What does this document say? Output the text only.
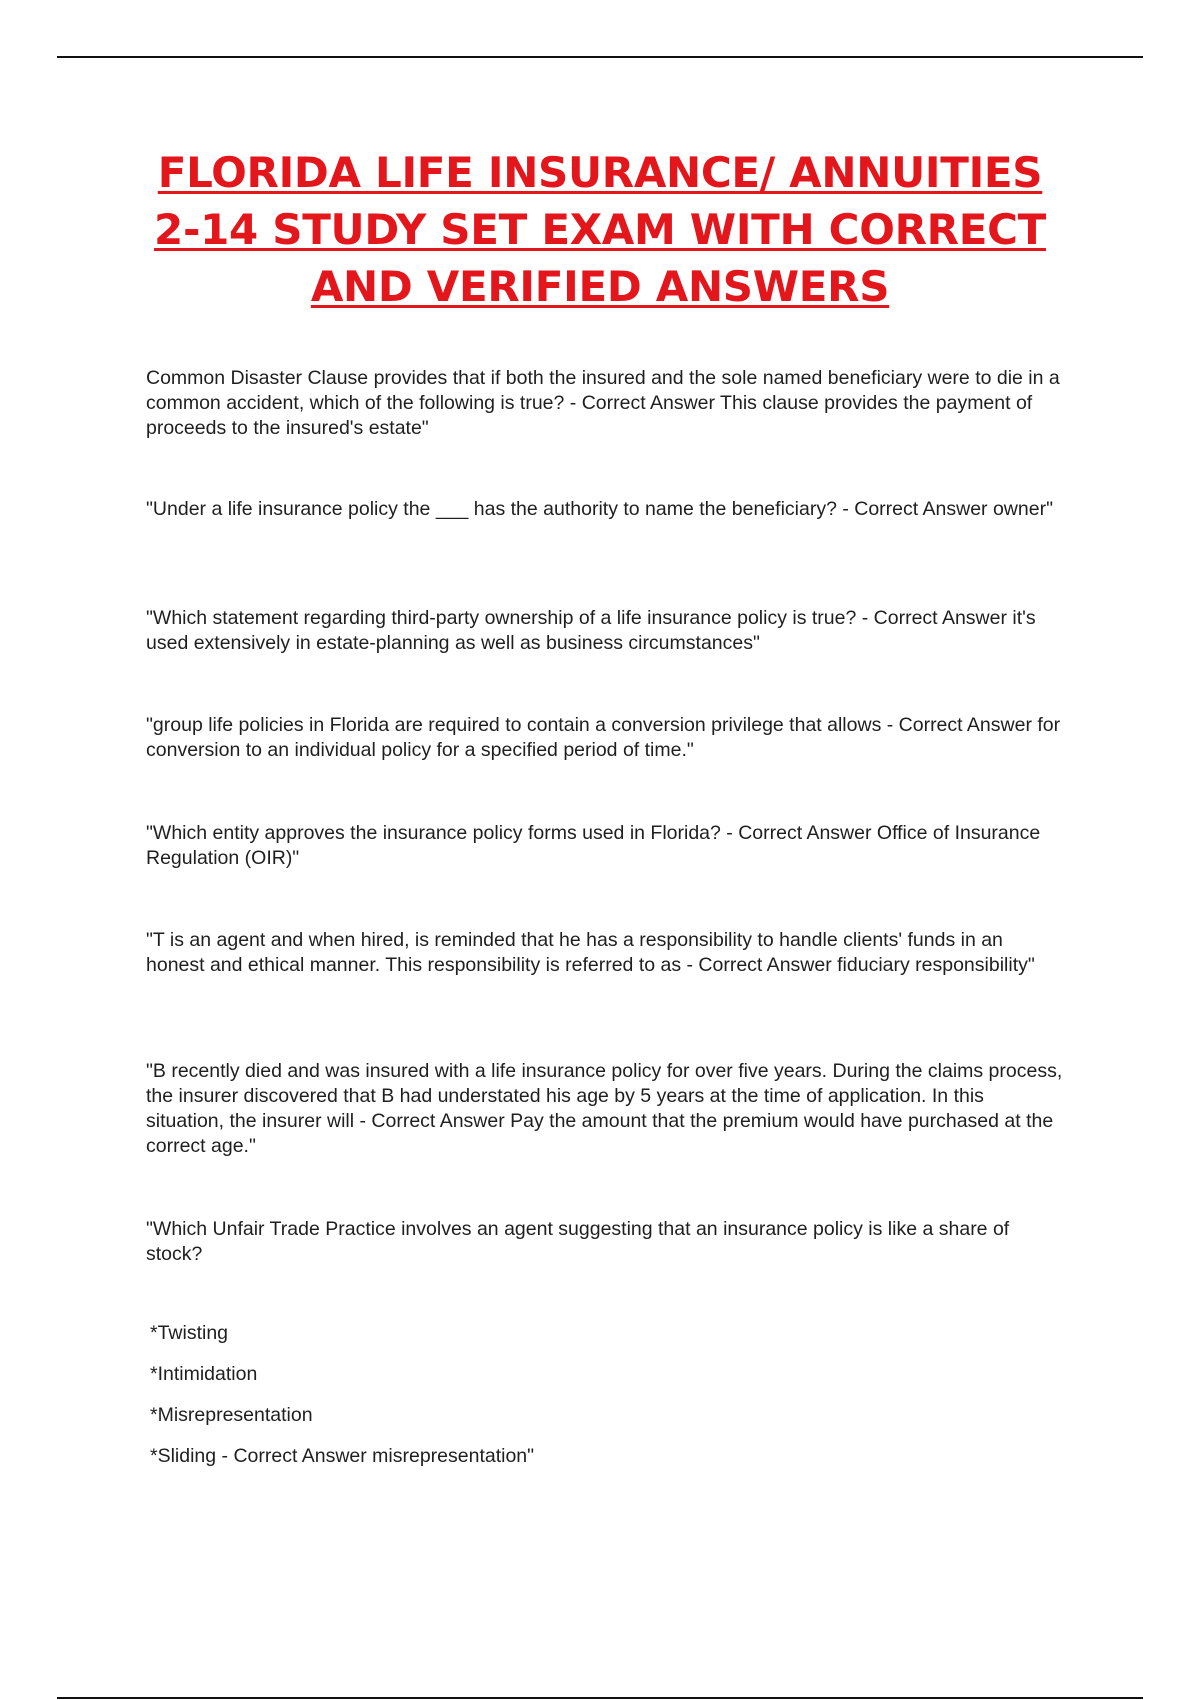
FLORIDA LIFE INSURANCE/ ANNUITIES 2-14 STUDY SET EXAM WITH CORRECT AND VERIFIED ANSWERS

Common Disaster Clause provides that if both the insured and the sole named beneficiary were to die in a common accident, which of the following is true? - Correct Answer This clause provides the payment of proceeds to the insured's estate"

"Under a life insurance policy the ___ has the authority to name the beneficiary? - Correct Answer owner"

"Which statement regarding third-party ownership of a life insurance policy is true? - Correct Answer it's used extensively in estate-planning as well as business circumstances"

"group life policies in Florida are required to contain a conversion privilege that allows - Correct Answer for conversion to an individual policy for a specified period of time."

"Which entity approves the insurance policy forms used in Florida? - Correct Answer Office of Insurance Regulation (OIR)"

"T is an agent and when hired, is reminded that he has a responsibility to handle clients' funds in an honest and ethical manner. This responsibility is referred to as - Correct Answer fiduciary responsibility"

"B recently died and was insured with a life insurance policy for over five years. During the claims process, the insurer discovered that B had understated his age by 5 years at the time of application. In this situation, the insurer will - Correct Answer Pay the amount that the premium would have purchased at the correct age."

"Which Unfair Trade Practice involves an agent suggesting that an insurance policy is like a share of stock?

*Twisting
*Intimidation
*Misrepresentation
*Sliding - Correct Answer misrepresentation"
